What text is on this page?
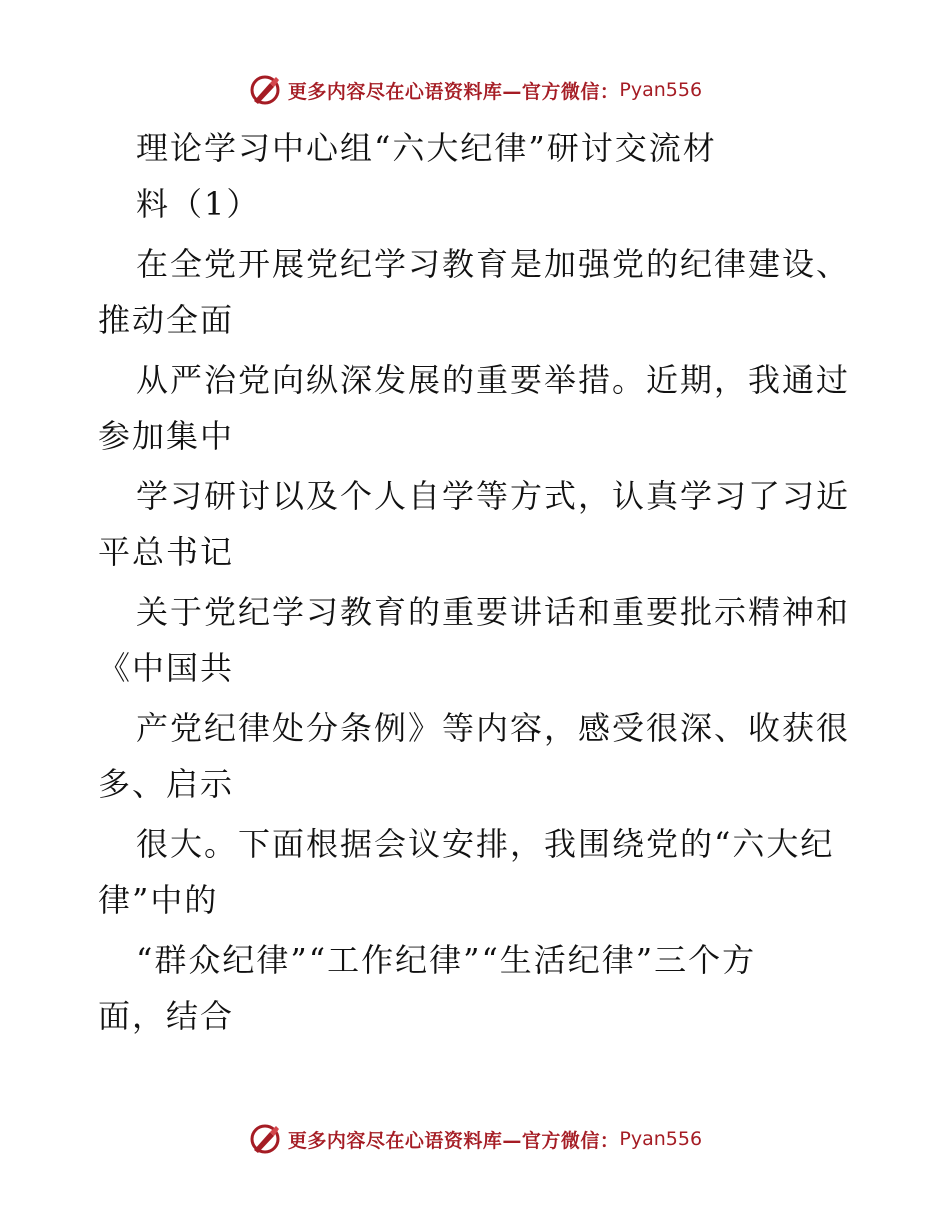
更多内容尽在心语资料库—官方微信： Pyan556
理论学习中心组“六大纪律”研讨交流材
料（1）
在全党开展党纪学习教育是加强党的纪律建设、
推动全面
从严治党向纵深发展的重要举措。近期，我通过
参加集中
学习研讨以及个人自学等方式，认真学习了习近
平总书记
关于党纪学习教育的重要讲话和重要批示精神和
《中国共
产党纪律处分条例》等内容，感受很深、收获很
多、启示
很大。下面根据会议安排，我围绕党的“六大纪
律”中的
“群众纪律”“工作纪律”“生活纪律”三个方
面，结合
更多内容尽在心语资料库—官方微信： Pyan556
